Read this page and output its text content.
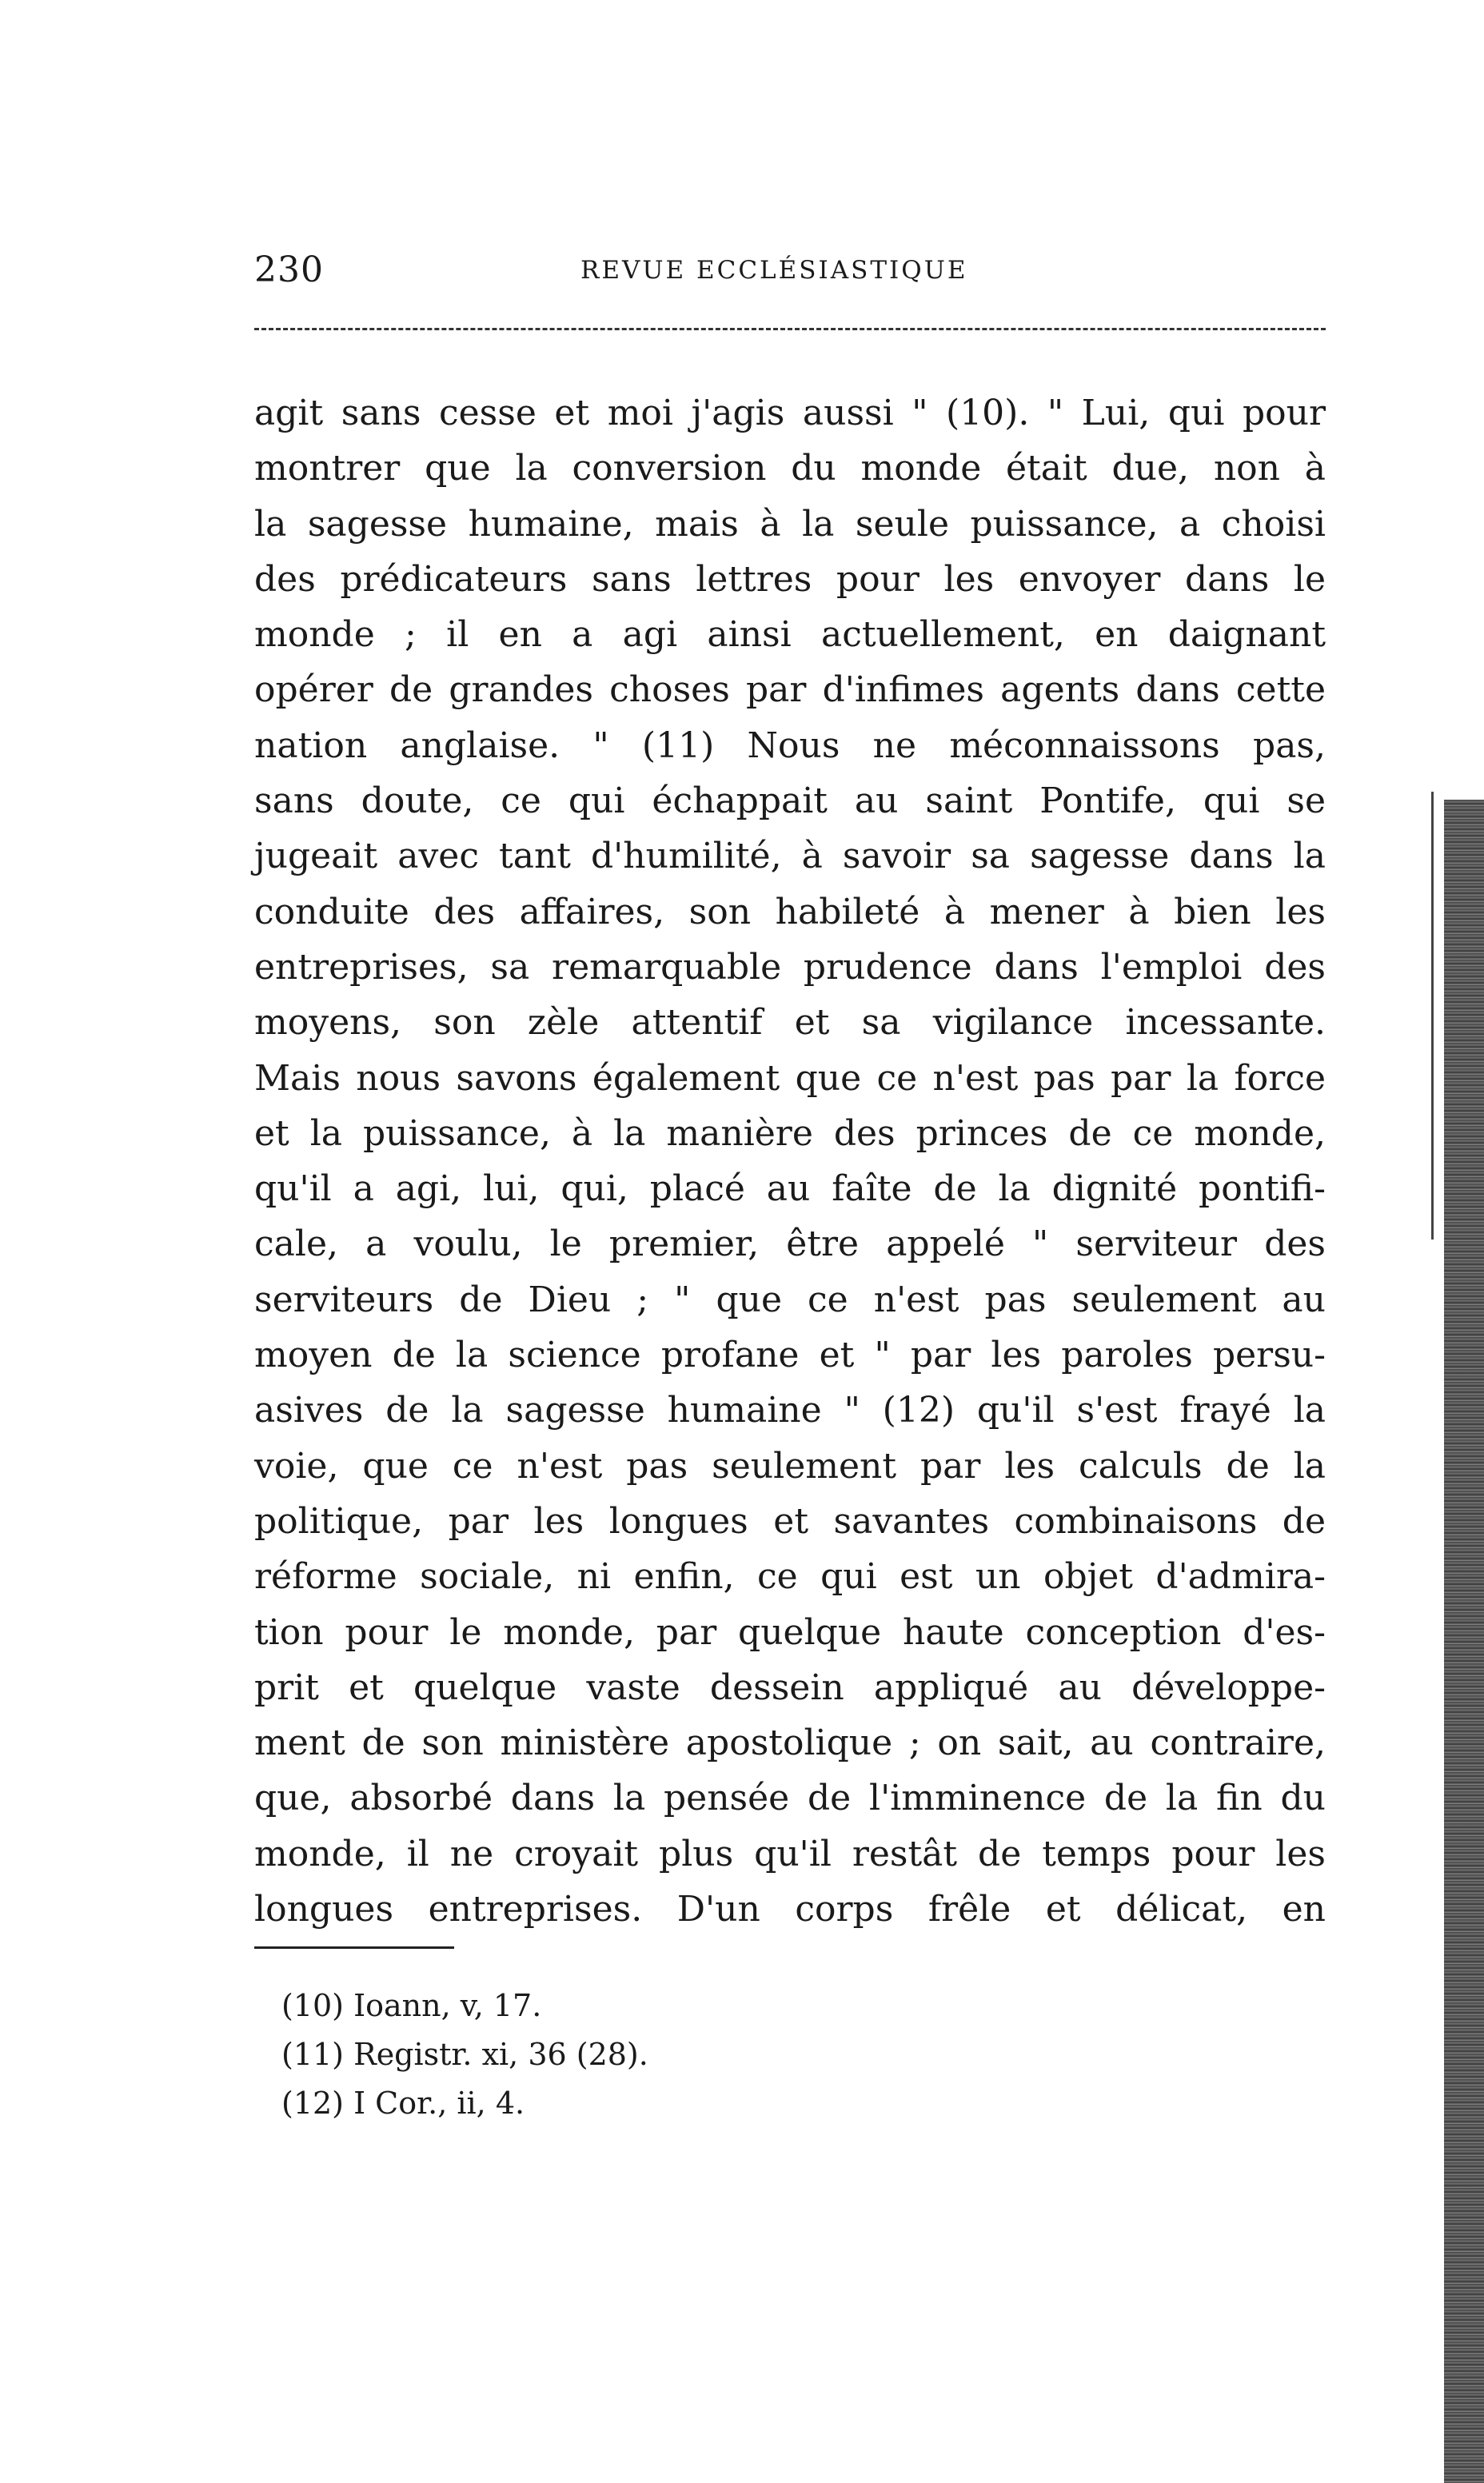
230	REVUE ECCLÉSIASTIQUE
agit sans cesse et moi j'agis aussi " (10). " Lui, qui pour
montrer que la conversion du monde était due, non à
la sagesse humaine, mais à la seule puissance, a choisi
des prédicateurs sans lettres pour les envoyer dans le
monde ; il en a agi ainsi actuellement, en daignant
opérer de grandes choses par d'infimes agents dans cette
nation anglaise. " (11) Nous ne méconnaissons pas,
sans doute, ce qui échappait au saint Pontife, qui se
jugeait avec tant d'humilité, à savoir sa sagesse dans la
conduite des affaires, son habileté à mener à bien les
entreprises, sa remarquable prudence dans l'emploi des
moyens, son zèle attentif et sa vigilance incessante.
Mais nous savons également que ce n'est pas par la force
et la puissance, à la manière des princes de ce monde,
qu'il a agi, lui, qui, placé au faîte de la dignité pontifi-
cale, a voulu, le premier, être appelé " serviteur des
serviteurs de Dieu ; " que ce n'est pas seulement au
moyen de la science profane et " par les paroles persu-
asives de la sagesse humaine " (12) qu'il s'est frayé la
voie, que ce n'est pas seulement par les calculs de la
politique, par les longues et savantes combinaisons de
réforme sociale, ni enfin, ce qui est un objet d'admira-
tion pour le monde, par quelque haute conception d'es-
prit et quelque vaste dessein appliqué au développe-
ment de son ministère apostolique ; on sait, au contraire,
que, absorbé dans la pensée de l'imminence de la fin du
monde, il ne croyait plus qu'il restât de temps pour les
longues entreprises. D'un corps frêle et délicat, en
(10) Ioann, v, 17.
(11) Registr. xi, 36 (28).
(12) I Cor., ii, 4.
